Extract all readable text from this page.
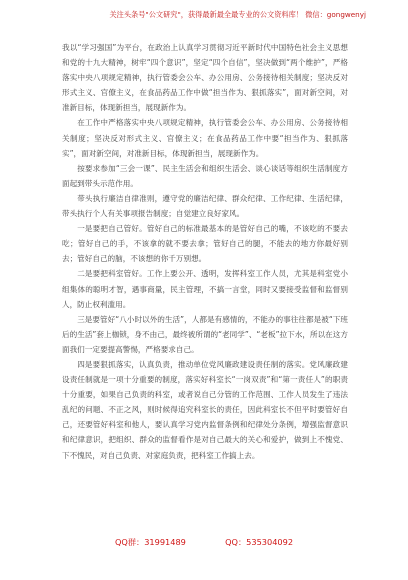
关注头条号"公文研究"，获得最新最全最专业的公文资料库！ 微信：gongwenyj

我以“学习强国”为平台，在政治上认真学习贯彻习近平新时代中国特色社会主义思想和党的十九大精神，树牢“四个意识”，坚定“四个自信”，坚决做到“两个维护”，严格落实中央八项规定精神，执行管委会公车、办公用房、公务接待相关制度；坚决反对形式主义、官僚主义，在食品药品工作中做“担当作为、狠抓落实”，面对新空间，对准新目标，体现新担当，展现新作为。

在工作中严格落实中央八项规定精神，执行管委会公车、办公用房、公务接待相关制度；坚决反对形式主义、官僚主义；在食品药品工作中要“担当作为、狠抓落实”，面对新空间，对准新目标，体现新担当，展现新作为。

按要求参加“三会一课”、民主生活会和组织生活会、谈心谈话等组织生活制度方面起到带头示范作用。

带头执行廉洁自律准则，遵守党的廉洁纪律、群众纪律、工作纪律、生活纪律，带头执行个人有关事项报告制度；自觉建立良好家风。

一是要把自己管好。管好自己的标准最基本的是管好自己的嘴，不该吃的不要去吃；管好自己的手，不该拿的就不要去拿；管好自己的腿，不能去的地方你最好别去；管好自己的脑，不该想的你千万别想。

二是要把科室管好。工作上要公开、透明，发挥科室工作人员，尤其是科室党小组集体的聪明才智，遇事商量，民主管理，不搞一言堂，同时又要接受监督和监督别人，防止权利滥用。

三是要管好“八小时以外的生活”，人都是有感情的，不能办的事往往都是被“下班后的生活”套上枷锁，身不由己，最终被所谓的“老同学”、“老板”拉下水，所以在这方面我们一定要提高警惕，严格要求自己。

四是要狠抓落实，认真负责，推动单位党风廉政建设责任制的落实。党风廉政建设责任制就是一项十分重要的制度，落实好科室长“一岗双责”和“第一责任人”的职责十分重要，如果自己负责的科室，或者说自己分管的工作范围、工作人员发生了违法乱纪的问题、不正之风，则时候得追究科室长的责任，因此科室长不但平时要管好自己，还要管好科室和他人，要认真学习党内监督条例和纪律处分条例，增强监督意识和纪律意识，把组织、群众的监督看作是对自己最大的关心和爱护，做到上不愧党、下不愧民，对自己负责、对家庭负责，把科室工作搞上去。

QQ群：31991489	QQ：535304092
